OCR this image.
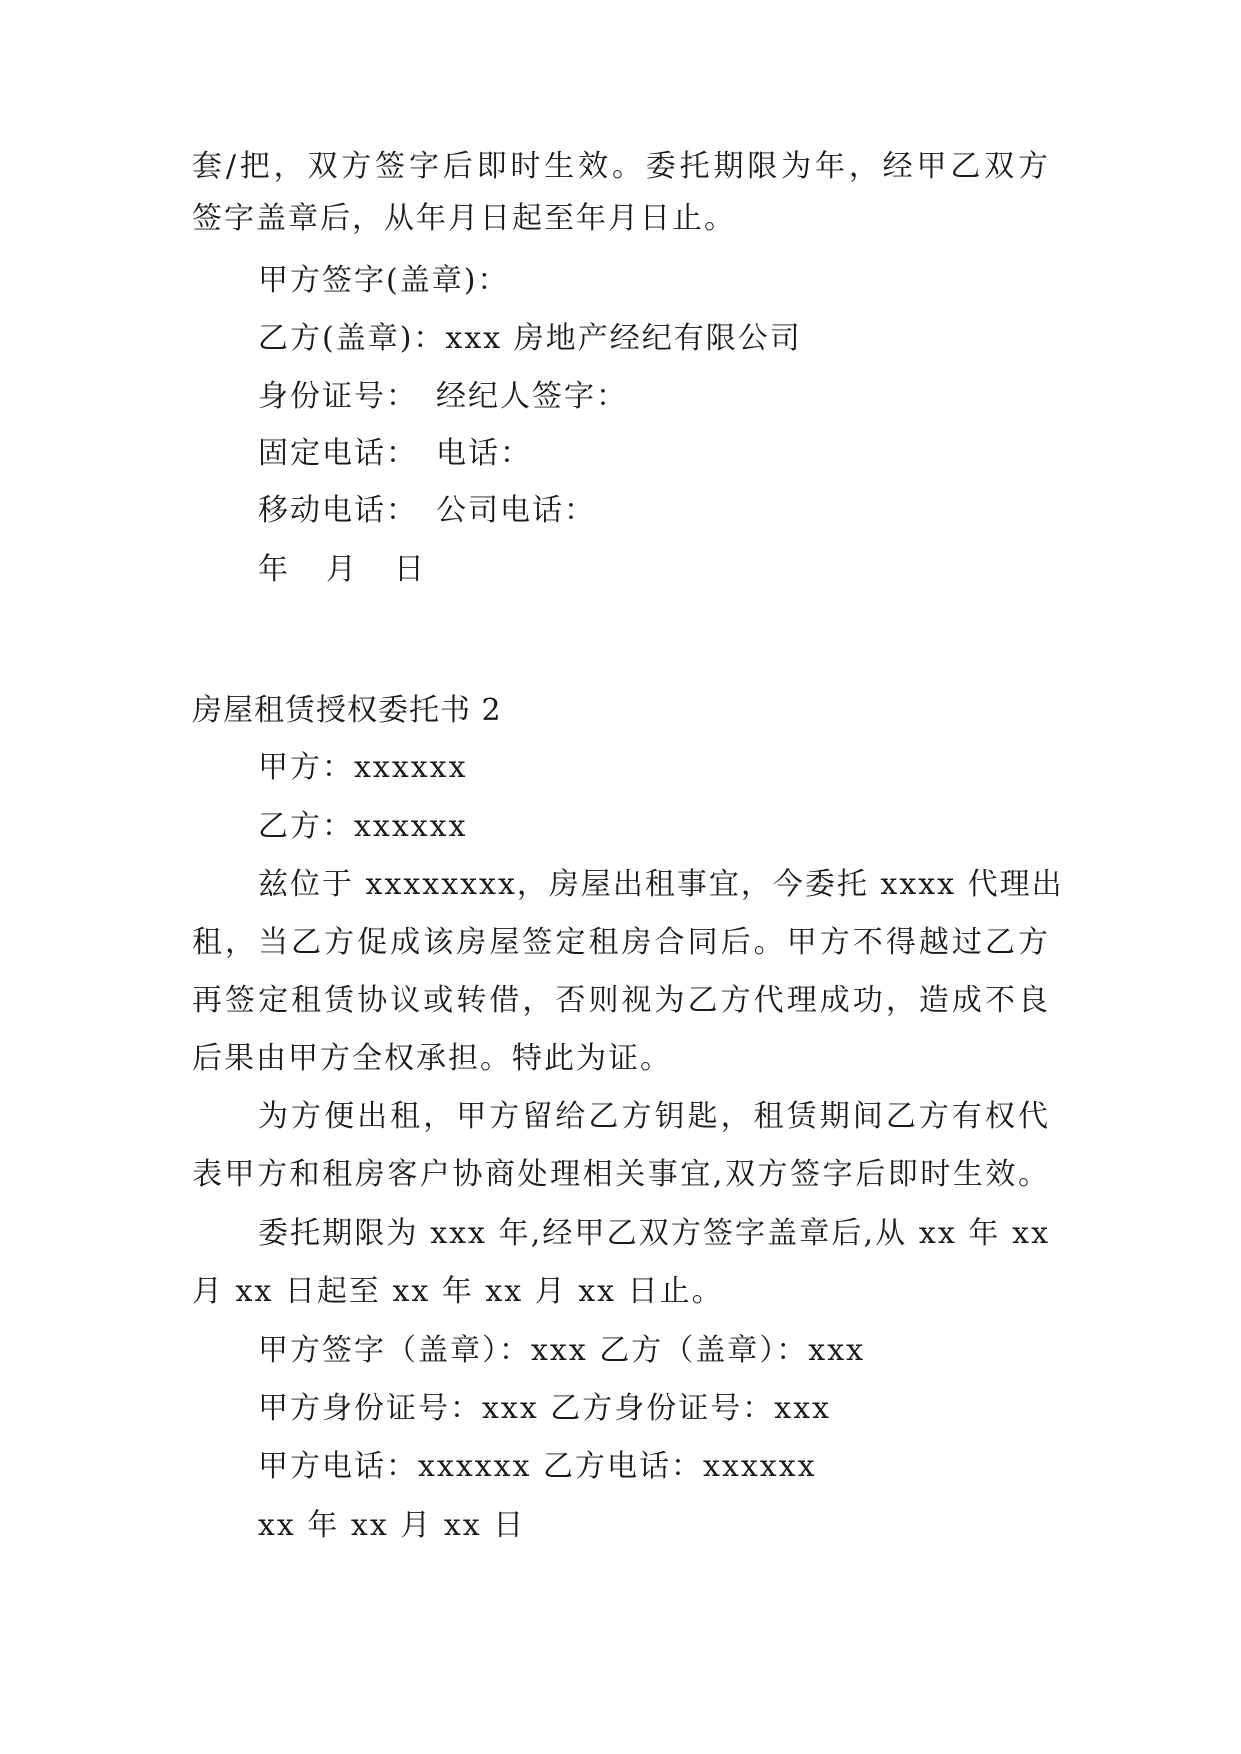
套/把，双方签字后即时生效。委托期限为年，经甲乙双方
签字盖章后，从年月日起至年月日止。
甲方签字(盖章)：
乙方(盖章)：xxx 房地产经纪有限公司
身份证号： 经纪人签字：
固定电话： 电话：
移动电话： 公司电话：
年 月 日
房屋租赁授权委托书 2
甲方：xxxxxx
乙方：xxxxxx
兹位于 xxxxxxxx，房屋出租事宜，今委托 xxxx 代理出
租，当乙方促成该房屋签定租房合同后。甲方不得越过乙方
再签定租赁协议或转借，否则视为乙方代理成功，造成不良
后果由甲方全权承担。特此为证。
为方便出租，甲方留给乙方钥匙，租赁期间乙方有权代
表甲方和租房客户协商处理相关事宜,双方签字后即时生效。
委托期限为 xxx 年,经甲乙双方签字盖章后,从 xx 年 xx
月 xx 日起至 xx 年 xx 月 xx 日止。
甲方签字（盖章）：xxx 乙方（盖章）：xxx
甲方身份证号：xxx 乙方身份证号：xxx
甲方电话：xxxxxx 乙方电话：xxxxxx
xx 年 xx 月 xx 日
